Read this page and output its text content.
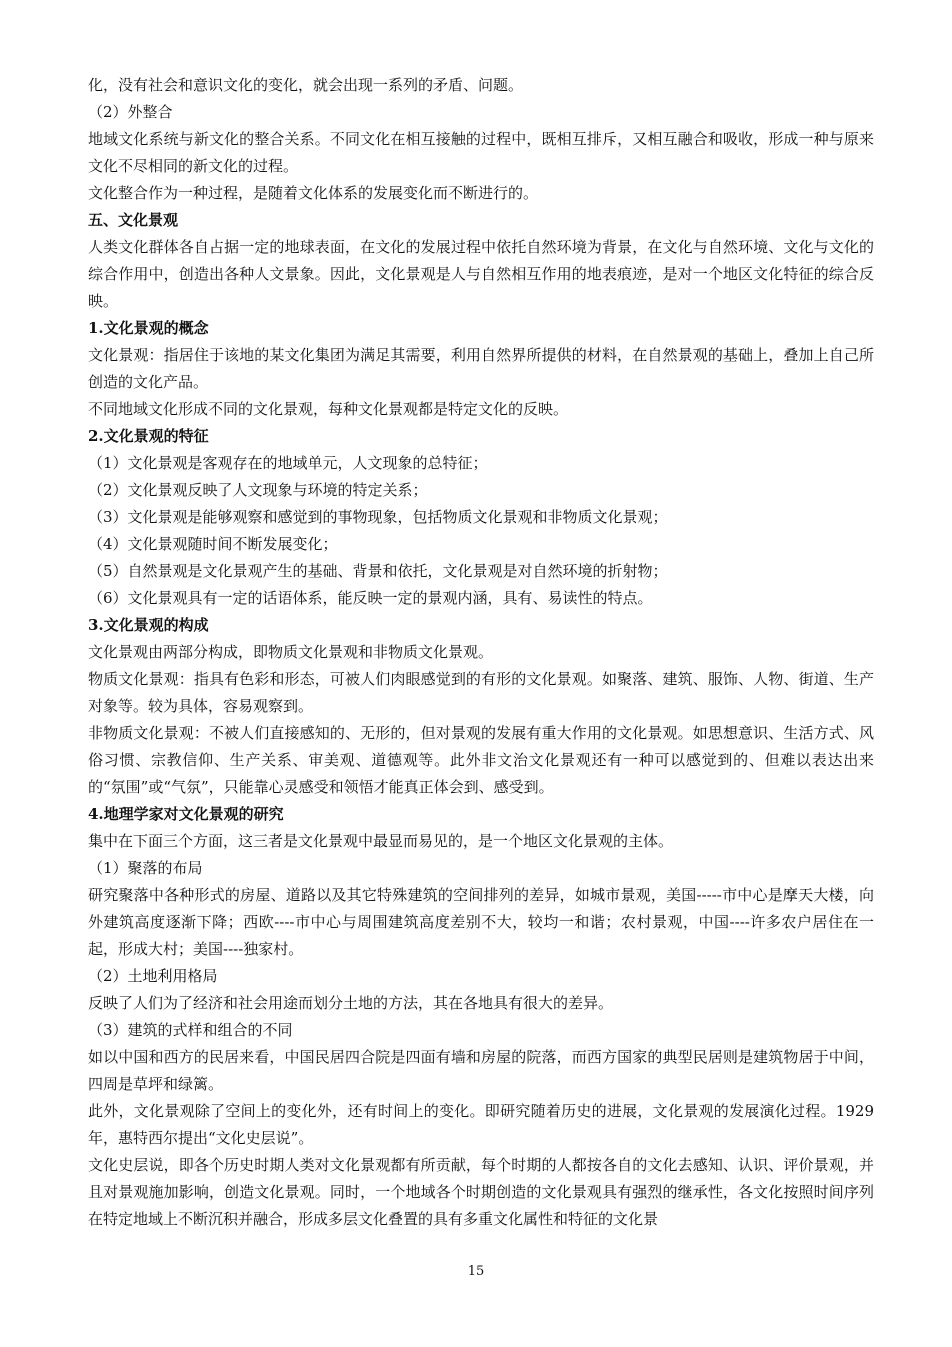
化，没有社会和意识文化的变化，就会出现一系列的矛盾、问题。

（2）外整合

地域文化系统与新文化的整合关系。不同文化在相互接触的过程中，既相互排斥，又相互融合和吸收，形成一种与原来文化不尽相同的新文化的过程。

文化整合作为一种过程，是随着文化体系的发展变化而不断进行的。

五、文化景观

人类文化群体各自占据一定的地球表面，在文化的发展过程中依托自然环境为背景，在文化与自然环境、文化与文化的综合作用中，创造出各种人文景象。因此，文化景观是人与自然相互作用的地表痕迹，是对一个地区文化特征的综合反映。

1.文化景观的概念

文化景观：指居住于该地的某文化集团为满足其需要，利用自然界所提供的材料，在自然景观的基础上，叠加上自己所创造的文化产品。

不同地域文化形成不同的文化景观，每种文化景观都是特定文化的反映。

2.文化景观的特征

（1）文化景观是客观存在的地域单元，人文现象的总特征；

（2）文化景观反映了人文现象与环境的特定关系；

（3）文化景观是能够观察和感觉到的事物现象，包括物质文化景观和非物质文化景观；

（4）文化景观随时间不断发展变化；

（5）自然景观是文化景观产生的基础、背景和依托，文化景观是对自然环境的折射物；

（6）文化景观具有一定的话语体系，能反映一定的景观内涵，具有、易读性的特点。

3.文化景观的构成

文化景观由两部分构成，即物质文化景观和非物质文化景观。

物质文化景观：指具有色彩和形态，可被人们肉眼感觉到的有形的文化景观。如聚落、建筑、服饰、人物、街道、生产对象等。较为具体，容易观察到。

非物质文化景观：不被人们直接感知的、无形的，但对景观的发展有重大作用的文化景观。如思想意识、生活方式、风俗习惯、宗教信仰、生产关系、审美观、道德观等。此外非文治文化景观还有一种可以感觉到的、但难以表达出来的“氛围”或“气氛”，只能靠心灵感受和领悟才能真正体会到、感受到。

4.地理学家对文化景观的研究

集中在下面三个方面，这三者是文化景观中最显而易见的，是一个地区文化景观的主体。

（1）聚落的布局

研究聚落中各种形式的房屋、道路以及其它特殊建筑的空间排列的差异，如城市景观，美国-----市中心是摩天大楼，向外建筑高度逐渐下降；西欧----市中心与周围建筑高度差别不大，较均一和谐；农村景观，中国----许多农户居住在一起，形成大村；美国----独家村。

（2）土地利用格局

反映了人们为了经济和社会用途而划分土地的方法，其在各地具有很大的差异。

（3）建筑的式样和组合的不同

如以中国和西方的民居来看，中国民居四合院是四面有墙和房屋的院落，而西方国家的典型民居则是建筑物居于中间，四周是草坪和绿篱。

此外，文化景观除了空间上的变化外，还有时间上的变化。即研究随着历史的进展，文化景观的发展演化过程。1929 年，惠特西尔提出“文化史层说”。

文化史层说，即各个历史时期人类对文化景观都有所贡献，每个时期的人都按各自的文化去感知、认识、评价景观，并且对景观施加影响，创造文化景观。同时，一个地域各个时期创造的文化景观具有强烈的继承性，各文化按照时间序列在特定地域上不断沉积并融合，形成多层文化叠置的具有多重文化属性和特征的文化景

15
